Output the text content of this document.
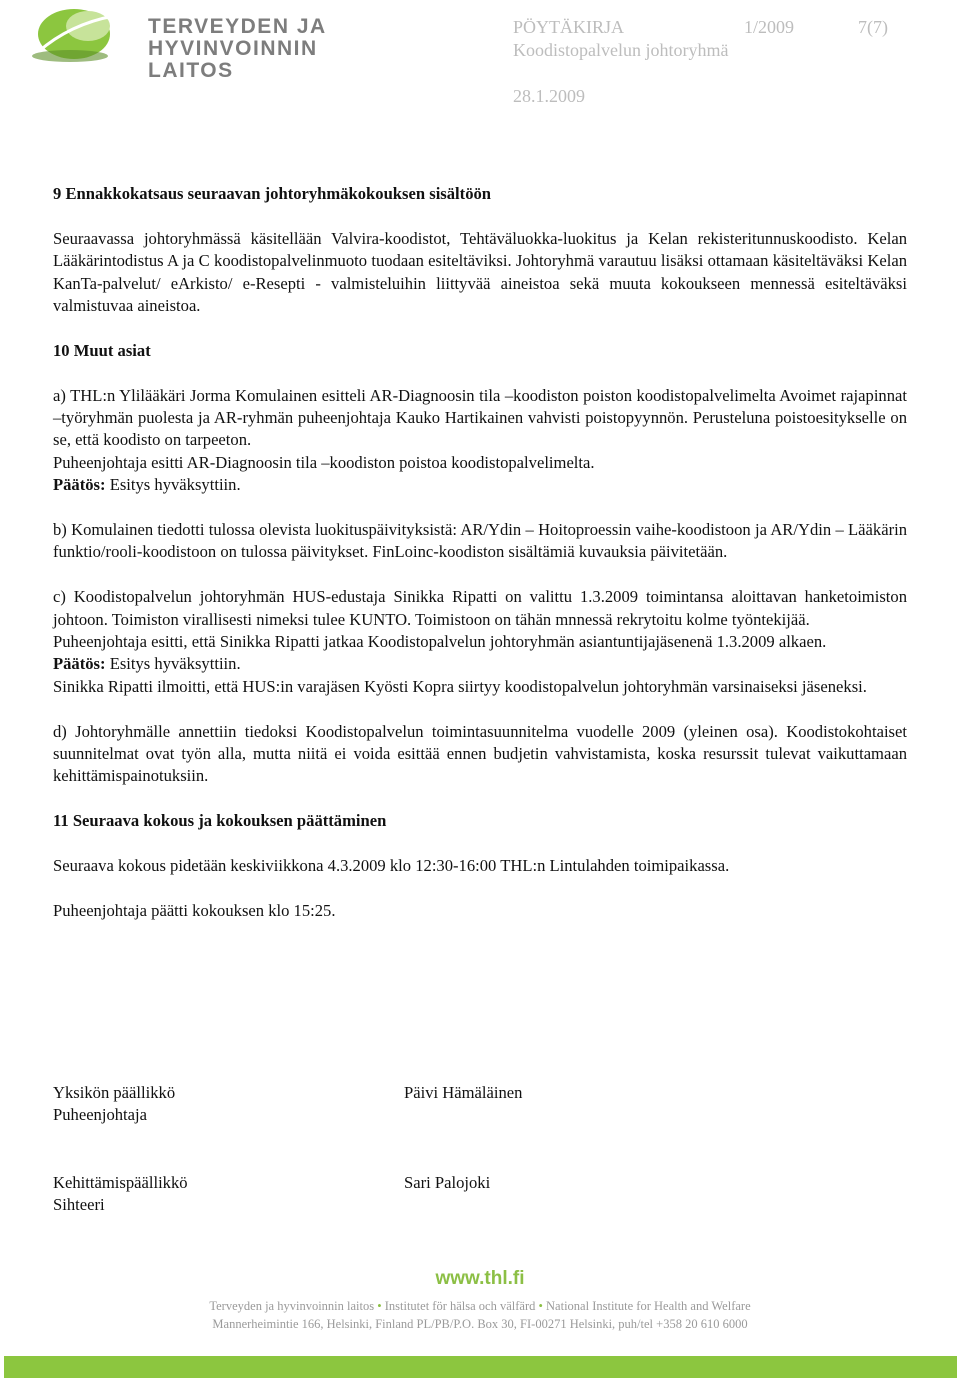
TERVEYDEN JA
HYVINVOINNIN LAITOS
PÖYTÄKIRJA	1/2009	7(7)
Koodistopalvelun johtoryhmä
28.1.2009
9 Ennakkokatsaus seuraavan johtoryhmäkokouksen sisältöön

Seuraavassa johtoryhmässä käsitellään Valvira-koodistot, Tehtäväluokka-luokitus ja Kelan rekisteritunnuskoodisto. Kelan Lääkärintodistus A ja C koodistopalvelinmuoto tuodaan esiteltäviksi. Johtoryhmä varautuu lisäksi ottamaan käsiteltäväksi Kelan KanTa-palvelut/ eArkisto/ e-Resepti - valmisteluihin liittyvää aineistoa sekä muuta kokoukseen mennessä esiteltäväksi valmistuvaa aineistoa.

10 Muut asiat

a) THL:n Ylilääkäri Jorma Komulainen esitteli AR-Diagnoosin tila –koodiston poiston koodistopalvelimelta Avoimet rajapinnat –työryhmän puolesta ja AR-ryhmän puheenjohtaja Kauko Hartikainen vahvisti poistopyynnön. Perusteluna poistoesitykselle on se, että koodisto on tarpeeton.

Puheenjohtaja esitti AR-Diagnoosin tila –koodiston poistoa koodistopalvelimelta.

Päätös: Esitys hyväksyttiin.

b) Komulainen tiedotti tulossa olevista luokituspäivityksistä: AR/Ydin – Hoitoproessin vaihe-koodistoon ja AR/Ydin – Lääkärin funktio/rooli-koodistoon on tulossa päivitykset. FinLoinc-koodiston sisältämiä kuvauksia päivitetään.

c) Koodistopalvelun johtoryhmän HUS-edustaja Sinikka Ripatti on valittu 1.3.2009 toimintansa aloittavan hanketoimiston johtoon. Toimiston virallisesti nimeksi tulee KUNTO. Toimistoon on tähän mnnessä rekrytoitu kolme työntekijää.

Puheenjohtaja esitti, että Sinikka Ripatti jatkaa Koodistopalvelun johtoryhmän asiantuntijajäsenenä 1.3.2009 alkaen.

Päätös: Esitys hyväksyttiin.

Sinikka Ripatti ilmoitti, että HUS:in varajäsen Kyösti Kopra siirtyy koodistopalvelun johtoryhmän varsinaiseksi jäseneksi.

d) Johtoryhmälle annettiin tiedoksi Koodistopalvelun toimintasuunnitelma vuodelle 2009 (yleinen osa). Koodistokohtaiset suunnitelmat ovat työn alla, mutta niitä ei voida esittää ennen budjetin vahvistamista, koska resurssit tulevat vaikuttamaan kehittämispainotuksiin.

11 Seuraava kokous ja kokouksen päättäminen

Seuraava kokous pidetään keskiviikkona 4.3.2009 klo 12:30-16:00 THL:n Lintulahden toimipaikassa.

Puheenjohtaja päätti kokouksen klo 15:25.

Yksikön päällikkö
Puheenjohtaja
Päivi Hämäläinen
Kehittämispäällikkö
Sihteeri
Sari Palojoki
www.thl.fi
Terveyden ja hyvinvoinnin laitos • Institutet för hälsa och välfärd • National Institute for Health and Welfare
Mannerheimintie 166, Helsinki, Finland PL/PB/P.O. Box 30, FI-00271 Helsinki, puh/tel +358 20 610 6000
